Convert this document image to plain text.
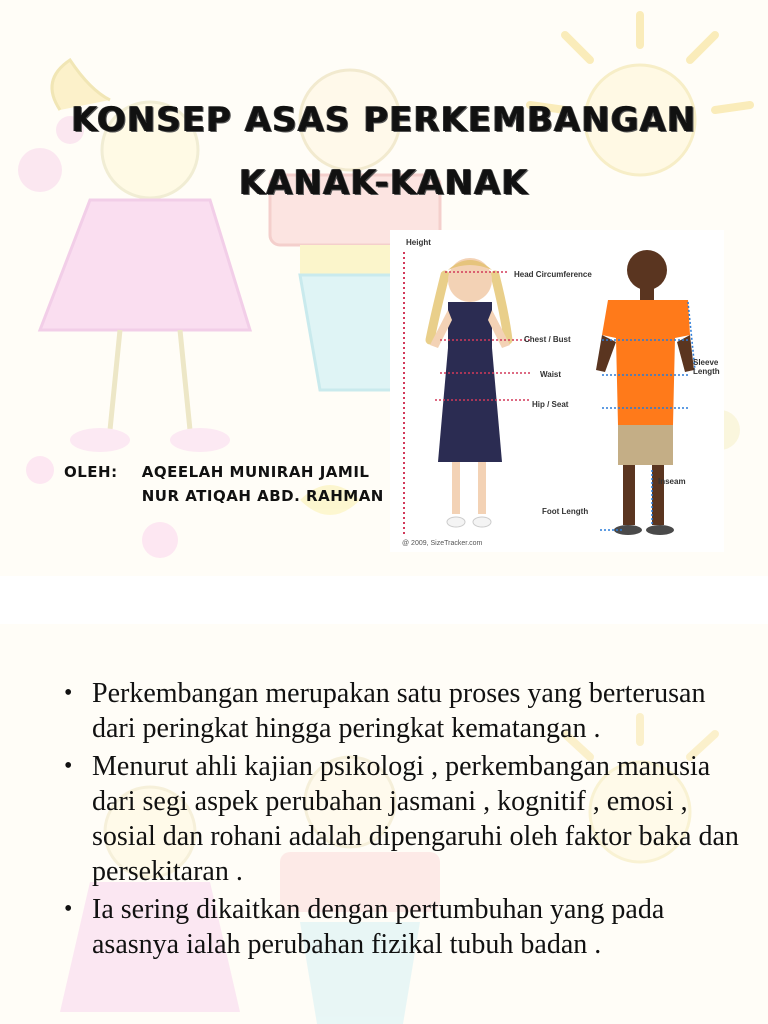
KONSEP ASAS PERKEMBANGAN
KANAK-KANAK
Height
Head Circumference
Chest / Bust
Waist
Hip / Seat
Sleeve Length
Inseam
Foot Length
@ 2009, SizeTracker.com
OLEH: AQEELAH MUNIRAH JAMIL
NUR ATIQAH ABD. RAHMAN
• Perkembangan merupakan satu proses yang berterusan dari peringkat hingga peringkat kematangan .
• Menurut ahli kajian psikologi , perkembangan manusia dari segi aspek perubahan jasmani , kognitif , emosi , sosial dan rohani adalah dipengaruhi oleh faktor baka dan persekitaran .
• Ia sering dikaitkan dengan pertumbuhan yang pada asasnya ialah perubahan fizikal tubuh badan .
